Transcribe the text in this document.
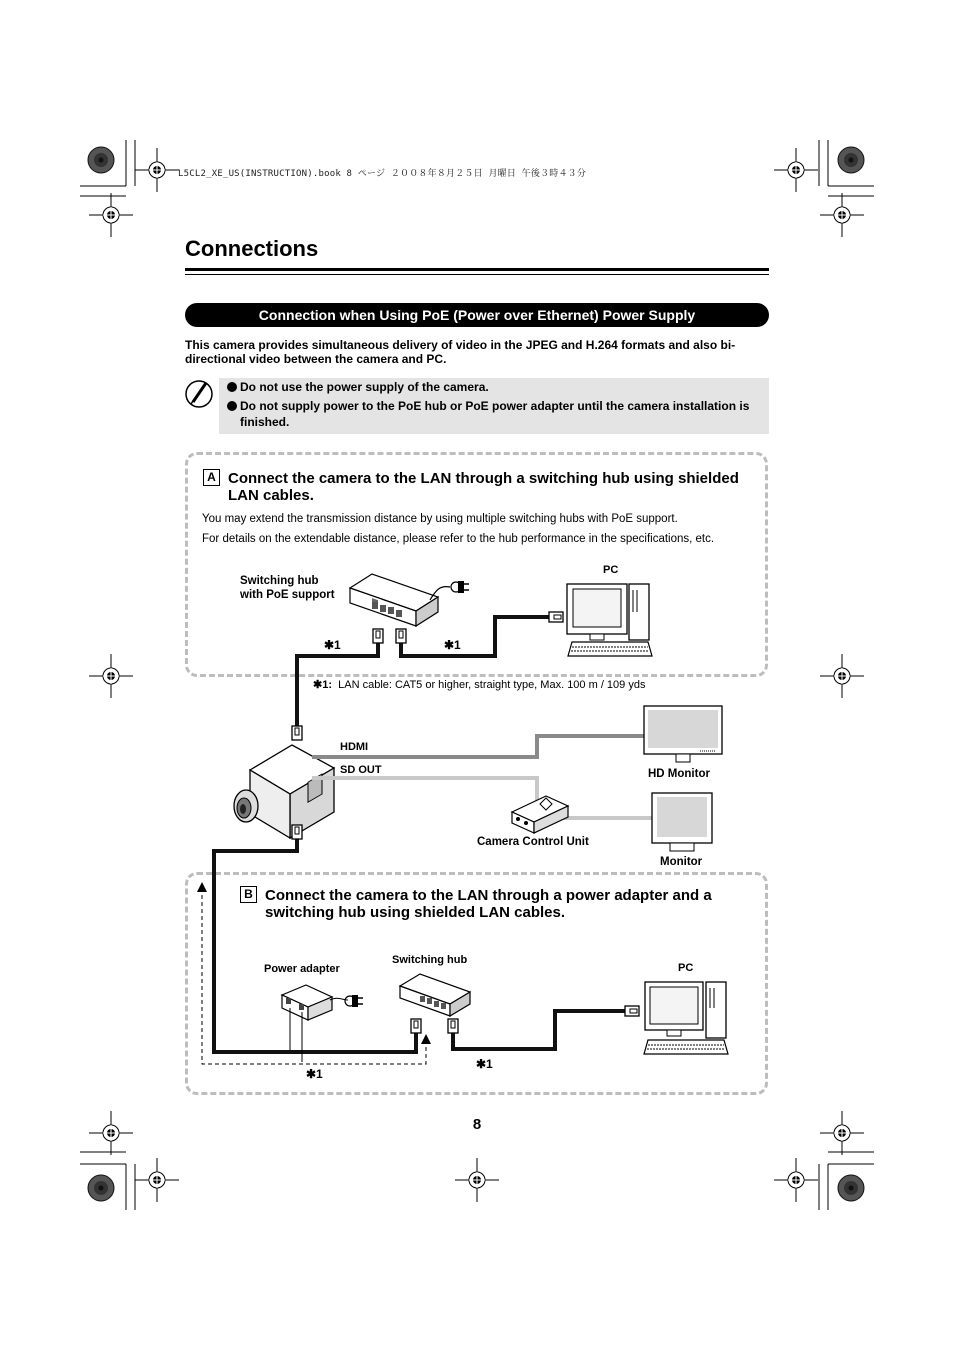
L5CL2_XE_US(INSTRUCTION).book 8 ページ ２００８年８月２５日 月曜日 午後３時４３分
Connections
Connection when Using PoE (Power over Ethernet) Power Supply
This camera provides simultaneous delivery of video in the JPEG and H.264 formats and also bi-directional video between the camera and PC.
Do not use the power supply of the camera.
Do not supply power to the PoE hub or PoE power adapter until the camera installation is finished.
A Connect the camera to the LAN through a switching hub using shielded LAN cables.
You may extend the transmission distance by using multiple switching hubs with PoE support.
For details on the extendable distance, please refer to the hub performance in the specifications, etc.
Switching hub
with PoE support
PC
✱1	✱1
✱1: LAN cable: CAT5 or higher, straight type, Max. 100 m / 109 yds
HDMI
SD OUT	HD Monitor
Camera Control Unit
Monitor
B Connect the camera to the LAN through a power adapter and a switching hub using shielded LAN cables.
Power adapter
Switching hub
PC
✱1
✱1
8
